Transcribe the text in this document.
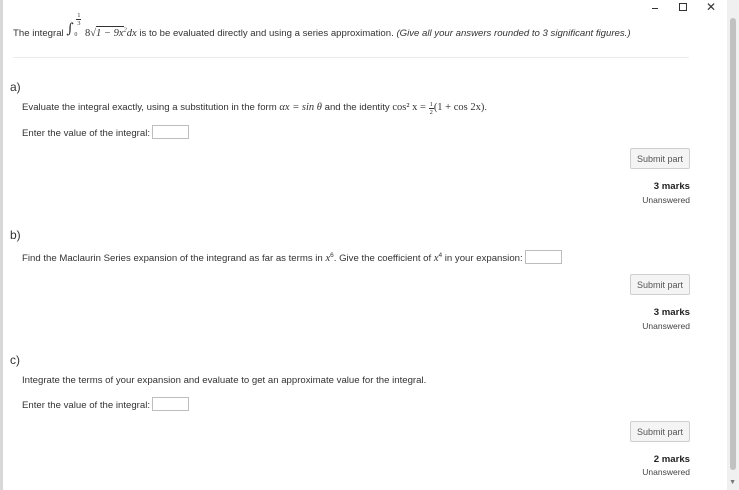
✕
▼
The integral ∫
1
3
0 $8√1 - 9x^2dx$ is to be evaluated directly and using a series approximation. (Give all your answers rounded to 3 significant figures.)
a)
Evaluate the integral exactly, using a substitution in the form αx = sin θ and the identity cos² $x = \frac{1}{2} (1 + \cos 2x)$.
Enter the value of the integral:
Submit part
3 marks
Unanswered
b)
Find the Maclaurin Series expansion of the integrand as far as terms in $x^6$. Give the coefficient of $x^4$ in your expansion:
Submit part
3 marks
Unanswered
c)
Integrate the terms of your expansion and evaluate to get an approximate value for the integral.
Enter the value of the integral:
Submit part
2 marks
Unanswered
